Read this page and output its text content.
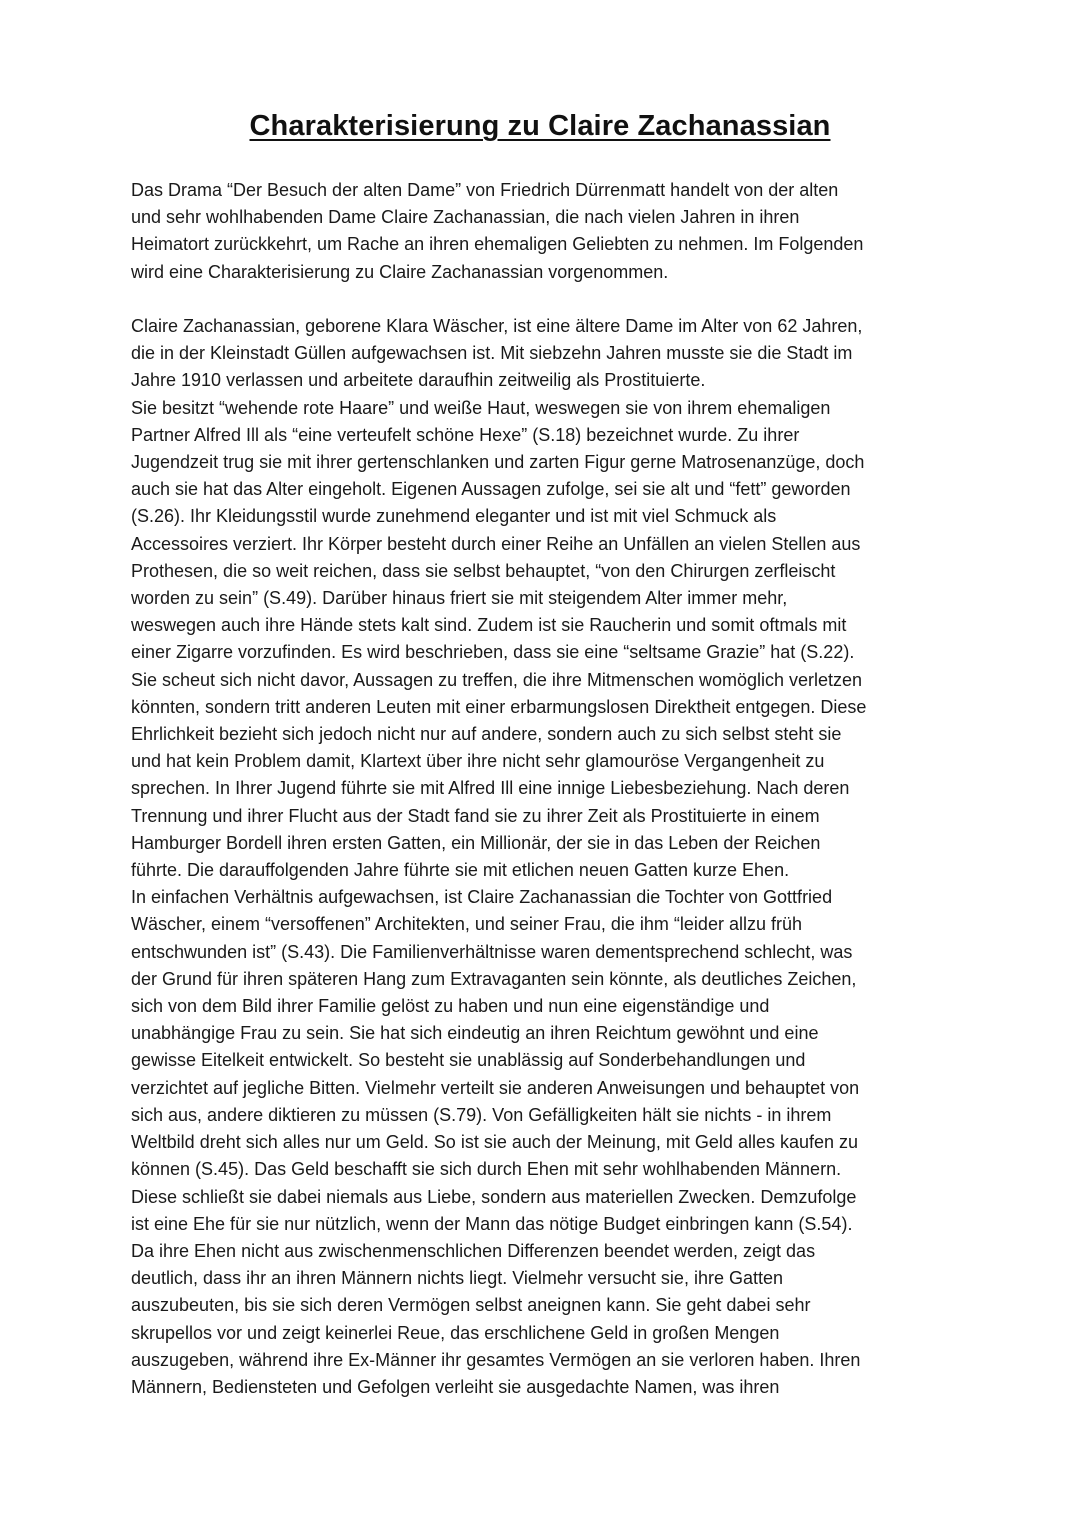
Charakterisierung zu Claire Zachanassian

Das Drama “Der Besuch der alten Dame” von Friedrich Dürrenmatt handelt von der alten
und sehr wohlhabenden Dame Claire Zachanassian, die nach vielen Jahren in ihren
Heimatort zurückkehrt, um Rache an ihren ehemaligen Geliebten zu nehmen. Im Folgenden
wird eine Charakterisierung zu Claire Zachanassian vorgenommen.

Claire Zachanassian, geborene Klara Wäscher, ist eine ältere Dame im Alter von 62 Jahren,
die in der Kleinstadt Güllen aufgewachsen ist. Mit siebzehn Jahren musste sie die Stadt im
Jahre 1910 verlassen und arbeitete daraufhin zeitweilig als Prostituierte.
Sie besitzt “wehende rote Haare” und weiße Haut, weswegen sie von ihrem ehemaligen
Partner Alfred Ill als “eine verteufelt schöne Hexe” (S.18) bezeichnet wurde. Zu ihrer
Jugendzeit trug sie mit ihrer gertenschlanken und zarten Figur gerne Matrosenanzüge, doch
auch sie hat das Alter eingeholt. Eigenen Aussagen zufolge, sei sie alt und “fett” geworden
(S.26). Ihr Kleidungsstil wurde zunehmend eleganter und ist mit viel Schmuck als
Accessoires verziert. Ihr Körper besteht durch einer Reihe an Unfällen an vielen Stellen aus
Prothesen, die so weit reichen, dass sie selbst behauptet, “von den Chirurgen zerfleischt
worden zu sein” (S.49). Darüber hinaus friert sie mit steigendem Alter immer mehr,
weswegen auch ihre Hände stets kalt sind. Zudem ist sie Raucherin und somit oftmals mit
einer Zigarre vorzufinden. Es wird beschrieben, dass sie eine “seltsame Grazie” hat (S.22).
Sie scheut sich nicht davor, Aussagen zu treffen, die ihre Mitmenschen womöglich verletzen
könnten, sondern tritt anderen Leuten mit einer erbarmungslosen Direktheit entgegen. Diese
Ehrlichkeit bezieht sich jedoch nicht nur auf andere, sondern auch zu sich selbst steht sie
und hat kein Problem damit, Klartext über ihre nicht sehr glamouröse Vergangenheit zu
sprechen. In Ihrer Jugend führte sie mit Alfred Ill eine innige Liebesbeziehung. Nach deren
Trennung und ihrer Flucht aus der Stadt fand sie zu ihrer Zeit als Prostituierte in einem
Hamburger Bordell ihren ersten Gatten, ein Millionär, der sie in das Leben der Reichen
führte. Die darauffolgenden Jahre führte sie mit etlichen neuen Gatten kurze Ehen.
In einfachen Verhältnis aufgewachsen, ist Claire Zachanassian die Tochter von Gottfried
Wäscher, einem “versoffenen” Architekten, und seiner Frau, die ihm “leider allzu früh
entschwunden ist” (S.43). Die Familienverhältnisse waren dementsprechend schlecht, was
der Grund für ihren späteren Hang zum Extravaganten sein könnte, als deutliches Zeichen,
sich von dem Bild ihrer Familie gelöst zu haben und nun eine eigenständige und
unabhängige Frau zu sein. Sie hat sich eindeutig an ihren Reichtum gewöhnt und eine
gewisse Eitelkeit entwickelt. So besteht sie unablässig auf Sonderbehandlungen und
verzichtet auf jegliche Bitten. Vielmehr verteilt sie anderen Anweisungen und behauptet von
sich aus, andere diktieren zu müssen (S.79). Von Gefälligkeiten hält sie nichts - in ihrem
Weltbild dreht sich alles nur um Geld. So ist sie auch der Meinung, mit Geld alles kaufen zu
können (S.45). Das Geld beschafft sie sich durch Ehen mit sehr wohlhabenden Männern.
Diese schließt sie dabei niemals aus Liebe, sondern aus materiellen Zwecken. Demzufolge
ist eine Ehe für sie nur nützlich, wenn der Mann das nötige Budget einbringen kann (S.54).
Da ihre Ehen nicht aus zwischenmenschlichen Differenzen beendet werden, zeigt das
deutlich, dass ihr an ihren Männern nichts liegt. Vielmehr versucht sie, ihre Gatten
auszubeuten, bis sie sich deren Vermögen selbst aneignen kann. Sie geht dabei sehr
skrupellos vor und zeigt keinerlei Reue, das erschlichene Geld in großen Mengen
auszugeben, während ihre Ex-Männer ihr gesamtes Vermögen an sie verloren haben. Ihren
Männern, Bediensteten und Gefolgen verleiht sie ausgedachte Namen, was ihren
